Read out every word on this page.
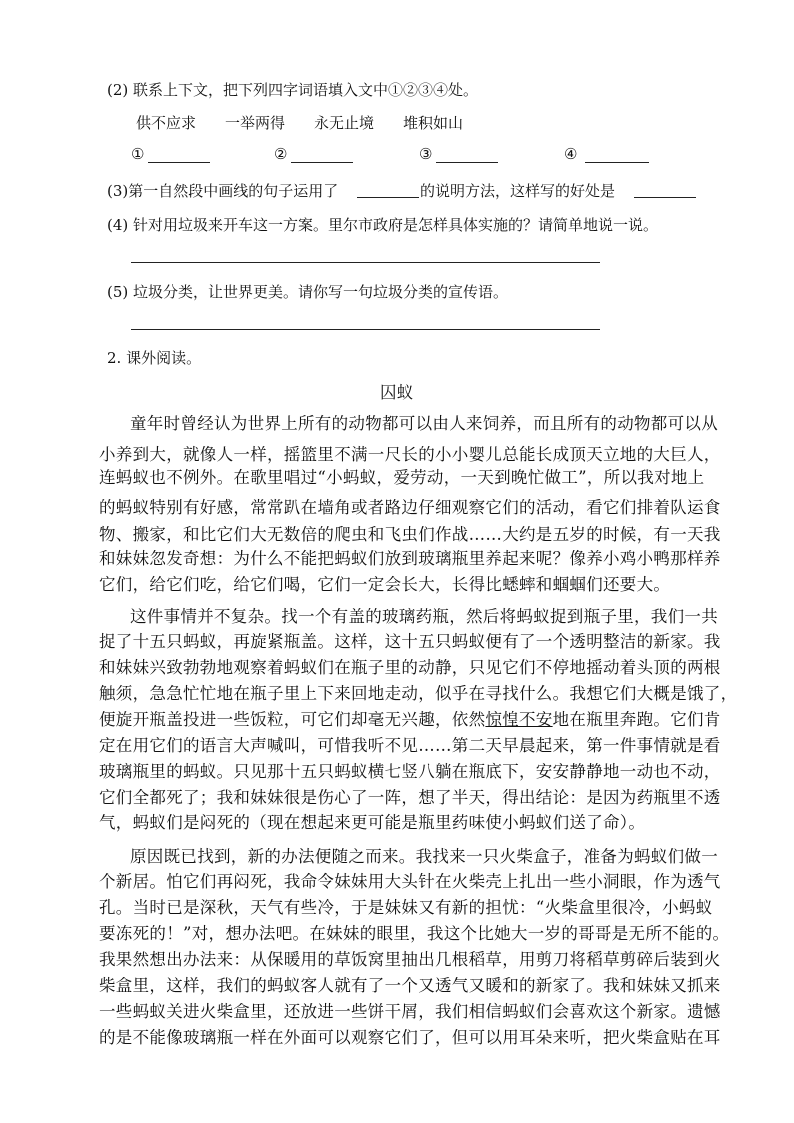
(2) 联系上下文，把下列四字词语填入文中①②③④处。
供不应求 一举两得 永无止境 堆积如山
①	②	③	④
(3)第一自然段中画线的句子运用了	的说明方法，这样写的好处是
(4) 针对用垃圾来开车这一方案。里尔市政府是怎样具体实施的？请简单地说一说。
(5) 垃圾分类，让世界更美。请你写一句垃圾分类的宣传语。
2. 课外阅读。
囚蚁
童年时曾经认为世界上所有的动物都可以由人来饲养，而且所有的动物都可以从
小养到大，就像人一样，摇篮里不满一尺长的小小婴儿总能长成顶天立地的大巨人，
连蚂蚁也不例外。在歌里唱过“小蚂蚁，爱劳动，一天到晚忙做工”，所以我对地上
的蚂蚁特别有好感，常常趴在墙角或者路边仔细观察它们的活动，看它们排着队运食
物、搬家，和比它们大无数倍的爬虫和飞虫们作战……大约是五岁的时候，有一天我
和妹妹忽发奇想：为什么不能把蚂蚁们放到玻璃瓶里养起来呢？像养小鸡小鸭那样养
它们，给它们吃，给它们喝，它们一定会长大，长得比蟋蟀和蝈蝈们还要大。
这件事情并不复杂。找一个有盖的玻璃药瓶，然后将蚂蚁捉到瓶子里，我们一共
捉了十五只蚂蚁，再旋紧瓶盖。这样，这十五只蚂蚁便有了一个透明整洁的新家。我
和妹妹兴致勃勃地观察着蚂蚁们在瓶子里的动静，只见它们不停地摇动着头顶的两根
触须，急急忙忙地在瓶子里上下来回地走动，似乎在寻找什么。我想它们大概是饿了，
便旋开瓶盖投进一些饭粒，可它们却毫无兴趣，依然惊惶不安地在瓶里奔跑。它们肯
定在用它们的语言大声喊叫，可惜我听不见……第二天早晨起来，第一件事情就是看
玻璃瓶里的蚂蚁。只见那十五只蚂蚁横七竖八躺在瓶底下，安安静静地一动也不动，
它们全都死了；我和妹妹很是伤心了一阵，想了半天，得出结论：是因为药瓶里不透
气，蚂蚁们是闷死的（现在想起来更可能是瓶里药味使小蚂蚁们送了命）。
原因既已找到，新的办法便随之而来。我找来一只火柴盒子，准备为蚂蚁们做一
个新居。怕它们再闷死，我命令妹妹用大头针在火柴壳上扎出一些小洞眼，作为透气
孔。当时已是深秋，天气有些冷，于是妹妹又有新的担忧：“火柴盒里很冷，小蚂蚁
要冻死的！”对，想办法吧。在妹妹的眼里，我这个比她大一岁的哥哥是无所不能的。
我果然想出办法来：从保暖用的草饭窝里抽出几根稻草，用剪刀将稻草剪碎后装到火
柴盒里，这样，我们的蚂蚁客人就有了一个又透气又暖和的新家了。我和妹妹又抓来
一些蚂蚁关进火柴盒里，还放进一些饼干屑，我们相信蚂蚁们会喜欢这个新家。遗憾
的是不能像玻璃瓶一样在外面可以观察它们了，但可以用耳朵来听，把火柴盒贴在耳
